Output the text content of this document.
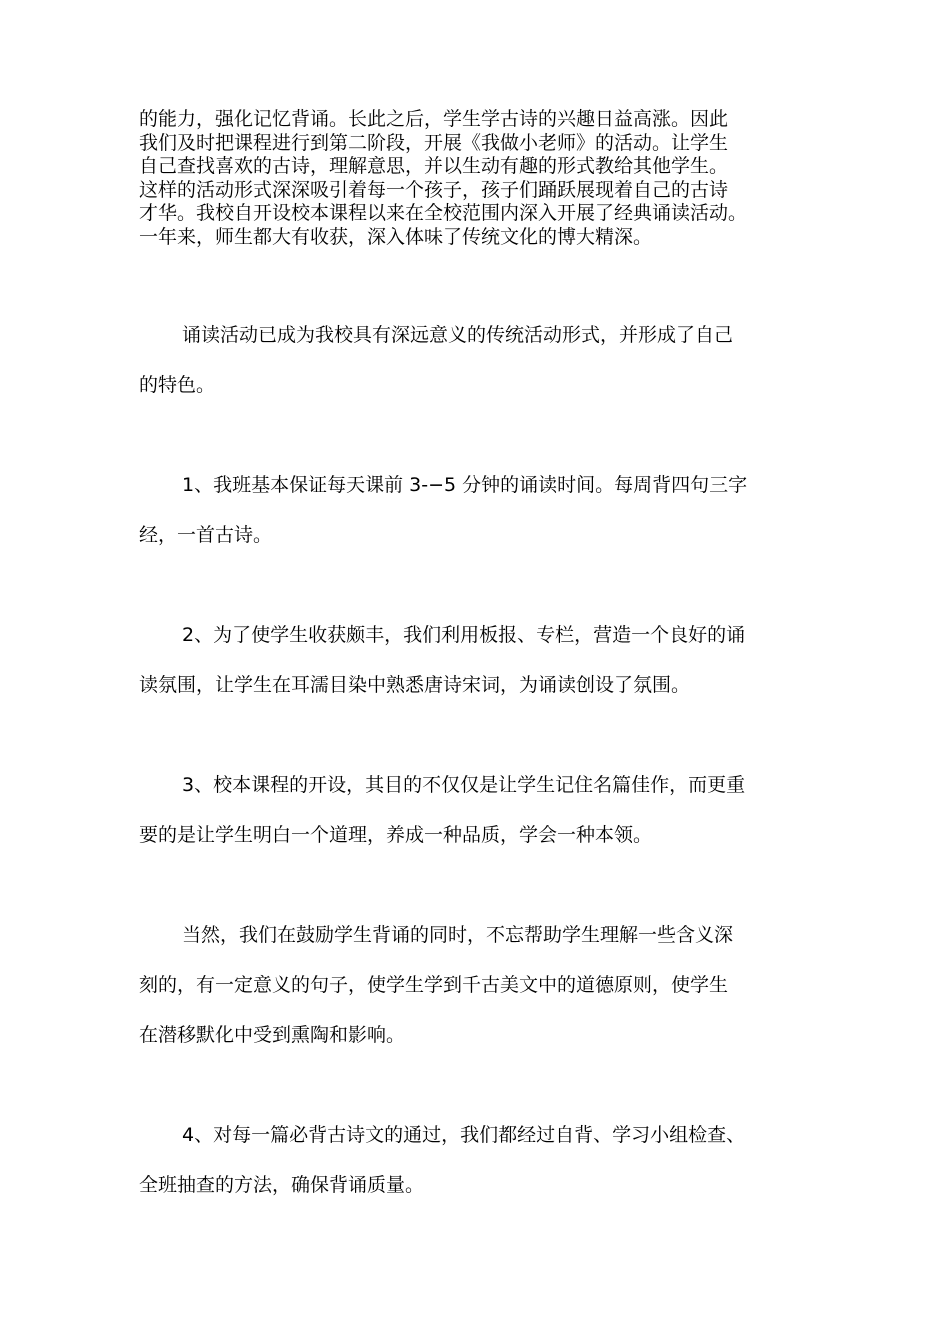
的能力，强化记忆背诵。长此之后，学生学古诗的兴趣日益高涨。因此
我们及时把课程进行到第二阶段，开展《我做小老师》的活动。让学生
自己查找喜欢的古诗，理解意思，并以生动有趣的形式教给其他学生。
这样的活动形式深深吸引着每一个孩子，孩子们踊跃展现着自己的古诗
才华。我校自开设校本课程以来在全校范围内深入开展了经典诵读活动。
一年来，师生都大有收获，深入体味了传统文化的博大精深。
诵读活动已成为我校具有深远意义的传统活动形式，并形成了自己
的特色。
1、我班基本保证每天课前 3-−5 分钟的诵读时间。每周背四句三字
经，一首古诗。
2、为了使学生收获颇丰，我们利用板报、专栏，营造一个良好的诵
读氛围，让学生在耳濡目染中熟悉唐诗宋词，为诵读创设了氛围。
3、校本课程的开设，其目的不仅仅是让学生记住名篇佳作，而更重
要的是让学生明白一个道理，养成一种品质，学会一种本领。
当然，我们在鼓励学生背诵的同时，不忘帮助学生理解一些含义深
刻的，有一定意义的句子，使学生学到千古美文中的道德原则，使学生
在潜移默化中受到熏陶和影响。
4、对每一篇必背古诗文的通过，我们都经过自背、学习小组检查、
全班抽查的方法，确保背诵质量。
